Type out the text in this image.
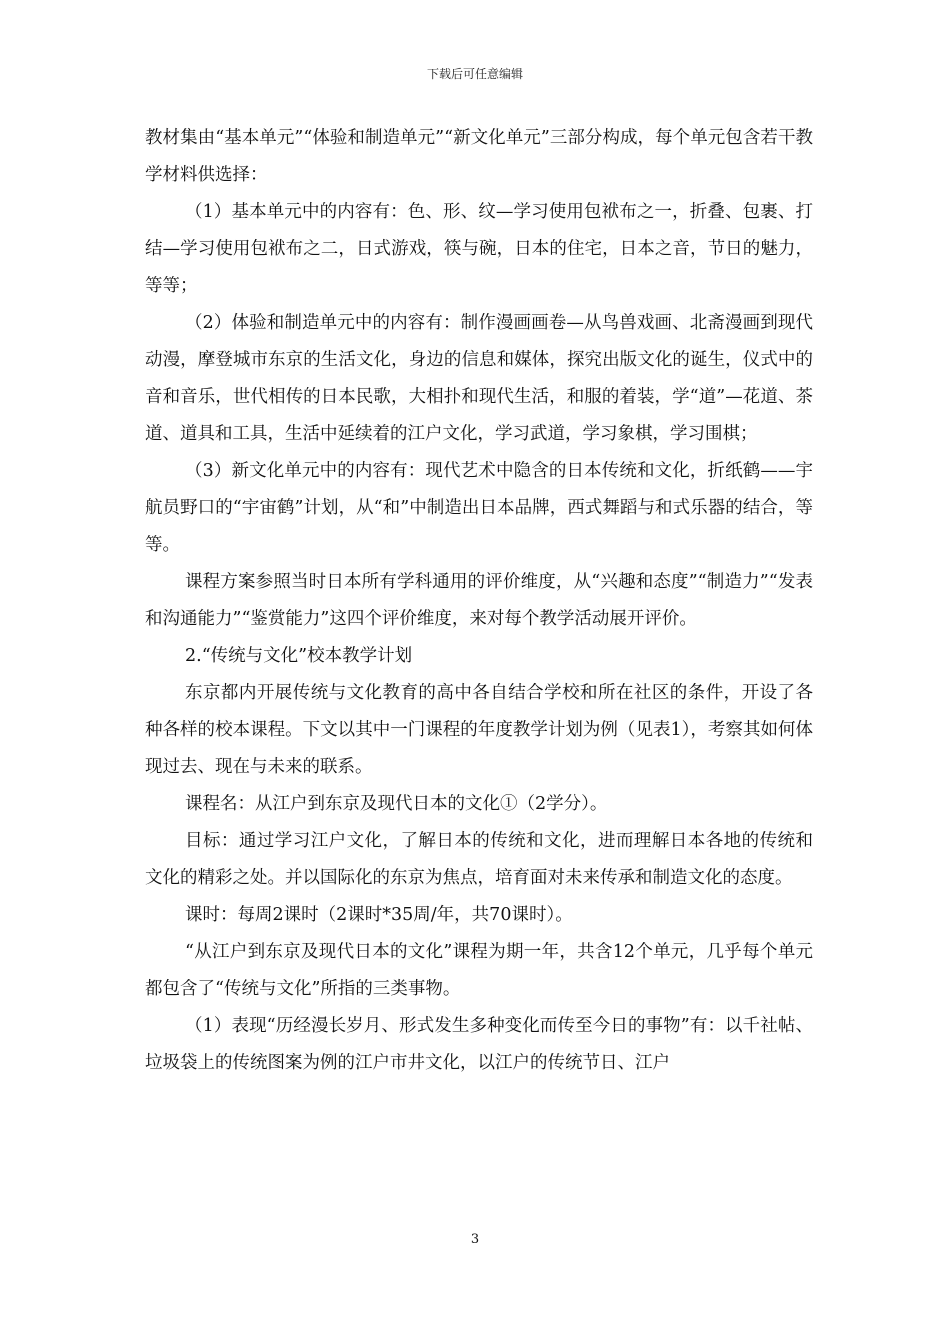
下载后可任意编辑

教材集由“基本单元”“体验和制造单元”“新文化单元”三部分构成，每个单元包含若干教学材料供选择：

（1）基本单元中的内容有：色、形、纹—学习使用包袱布之一，折叠、包裹、打结—学习使用包袱布之二，日式游戏，筷与碗，日本的住宅，日本之音，节日的魅力，等等；

（2）体验和制造单元中的内容有：制作漫画画卷—从鸟兽戏画、北斋漫画到现代动漫，摩登城市东京的生活文化，身边的信息和媒体，探究出版文化的诞生，仪式中的音和音乐，世代相传的日本民歌，大相扑和现代生活，和服的着装，学“道”—花道、茶道、道具和工具，生活中延续着的江户文化，学习武道，学习象棋，学习围棋；

（3）新文化单元中的内容有：现代艺术中隐含的日本传统和文化，折纸鹤——宇航员野口的“宇宙鹤”计划，从“和”中制造出日本品牌，西式舞蹈与和式乐器的结合，等等。

课程方案参照当时日本所有学科通用的评价维度，从“兴趣和态度”“制造力”“发表和沟通能力”“鉴赏能力”这四个评价维度，来对每个教学活动展开评价。

2.“传统与文化”校本教学计划

东京都内开展传统与文化教育的高中各自结合学校和所在社区的条件，开设了各种各样的校本课程。下文以其中一门课程的年度教学计划为例（见表1），考察其如何体现过去、现在与未来的联系。

课程名：从江户到东京及现代日本的文化①（2学分）。

目标：通过学习江户文化，了解日本的传统和文化，进而理解日本各地的传统和文化的精彩之处。并以国际化的东京为焦点，培育面对未来传承和制造文化的态度。

课时：每周2课时（2课时*35周/年，共70课时）。

“从江户到东京及现代日本的文化”课程为期一年，共含12个单元，几乎每个单元都包含了“传统与文化”所指的三类事物。

（1）表现“历经漫长岁月、形式发生多种变化而传至今日的事物”有：以千社帖、垃圾袋上的传统图案为例的江户市井文化，以江户的传统节日、江户

3
